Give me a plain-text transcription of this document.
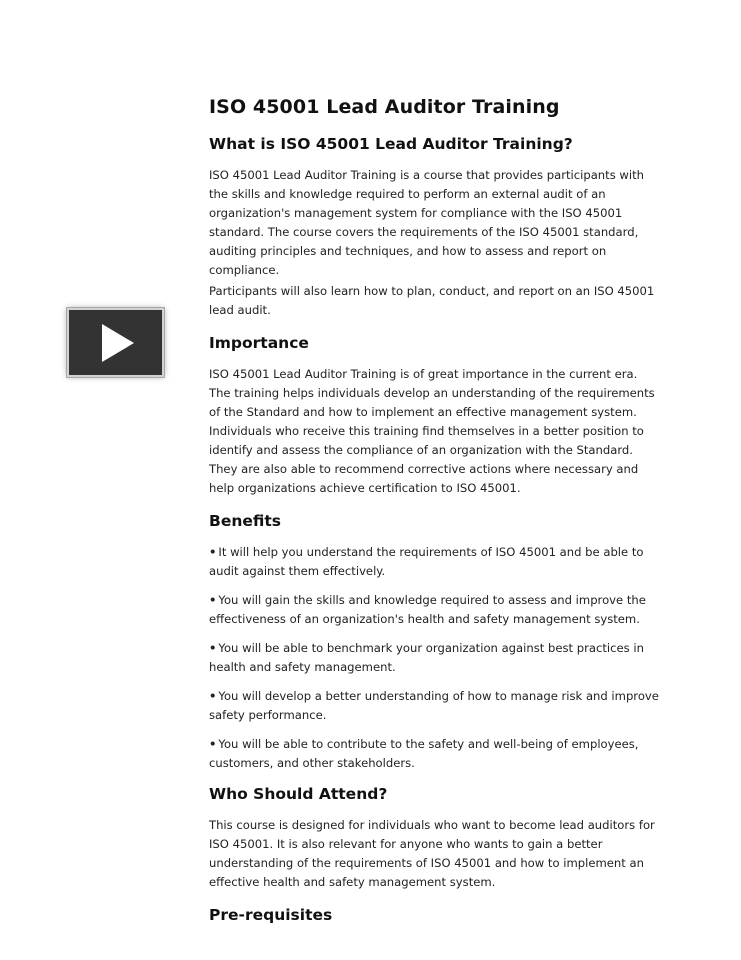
ISO 45001 Lead Auditor Training
What is ISO 45001 Lead Auditor Training?
ISO 45001 Lead Auditor Training is a course that provides participants with the skills and knowledge required to perform an external audit of an organization's management system for compliance with the ISO 45001 standard. The course covers the requirements of the ISO 45001 standard, auditing principles and techniques, and how to assess and report on compliance.
Participants will also learn how to plan, conduct, and report on an ISO 45001 lead audit.
Importance
ISO 45001 Lead Auditor Training is of great importance in the current era. The training helps individuals develop an understanding of the requirements of the Standard and how to implement an effective management system. Individuals who receive this training find themselves in a better position to identify and assess the compliance of an organization with the Standard. They are also able to recommend corrective actions where necessary and help organizations achieve certification to ISO 45001.
Benefits
• It will help you understand the requirements of ISO 45001 and be able to audit against them effectively.
• You will gain the skills and knowledge required to assess and improve the effectiveness of an organization's health and safety management system.
• You will be able to benchmark your organization against best practices in health and safety management.
• You will develop a better understanding of how to manage risk and improve safety performance.
• You will be able to contribute to the safety and well-being of employees, customers, and other stakeholders.
Who Should Attend?
This course is designed for individuals who want to become lead auditors for ISO 45001. It is also relevant for anyone who wants to gain a better understanding of the requirements of ISO 45001 and how to implement an effective health and safety management system.
Pre-requisites
